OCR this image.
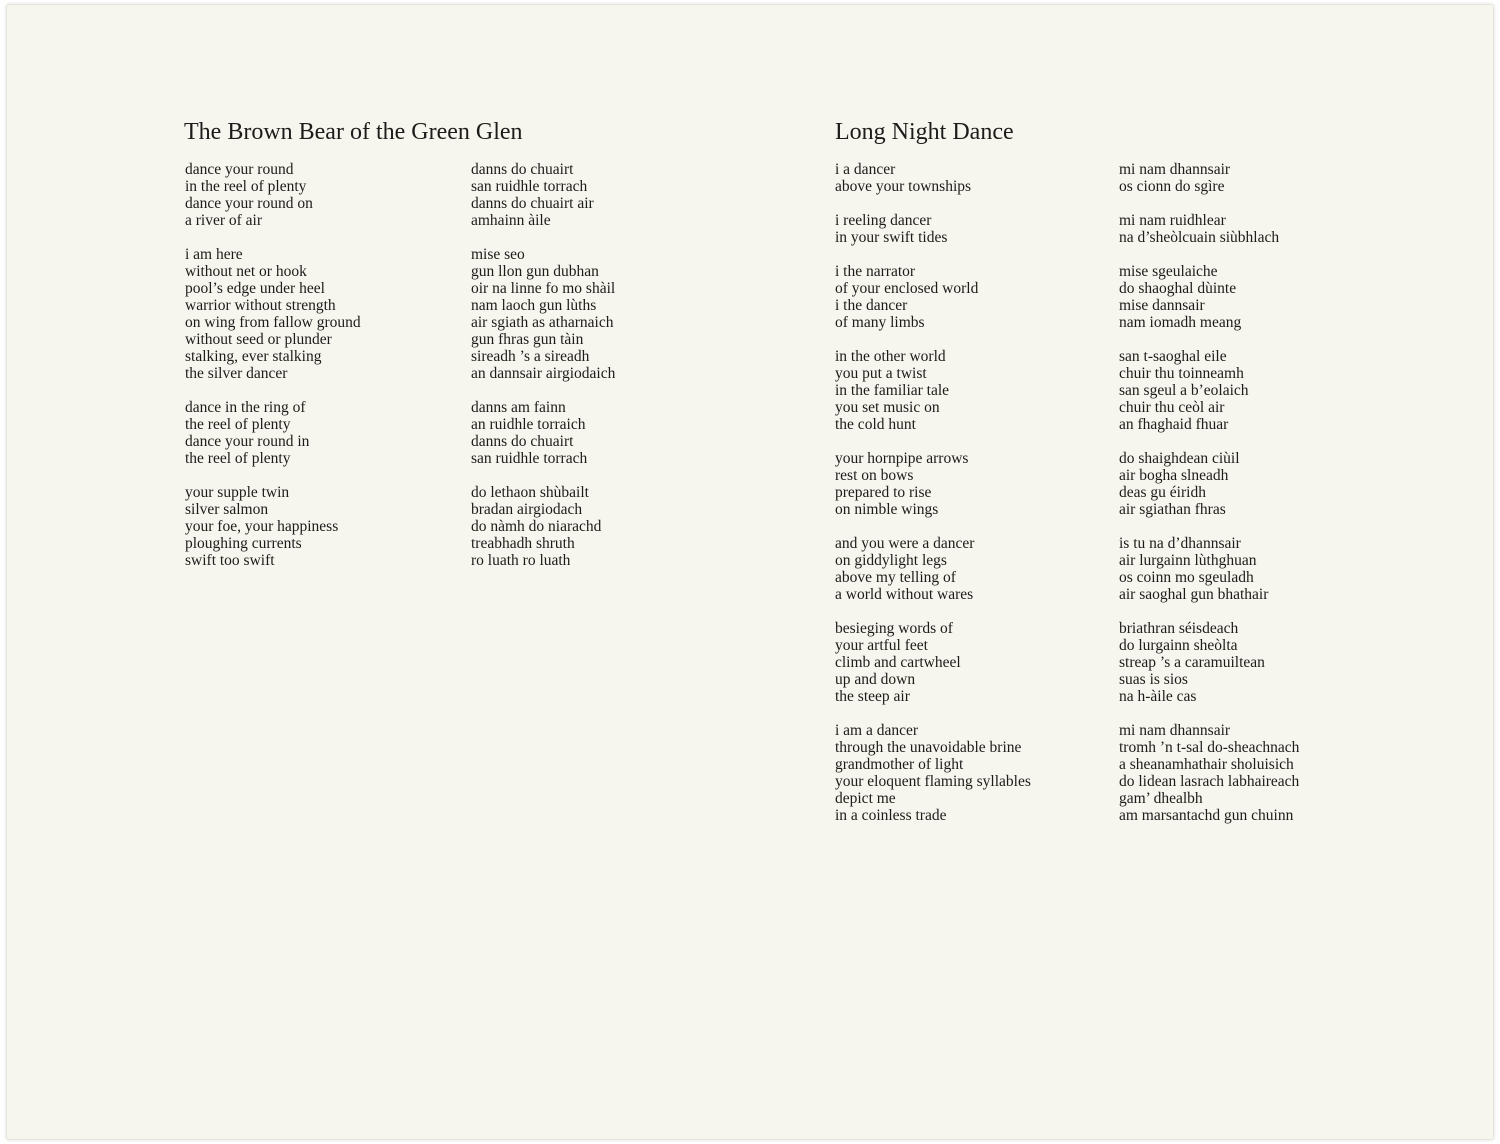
The Brown Bear of the Green Glen
dance your round
in the reel of plenty
dance your round on
a river of air
i am here
without net or hook
pool’s edge under heel
warrior without strength
on wing from fallow ground
without seed or plunder
stalking, ever stalking
the silver dancer
dance in the ring of
the reel of plenty
dance your round in
the reel of plenty
your supple twin
silver salmon
your foe, your happiness
ploughing currents
swift too swift
danns do chuairt
san ruidhle torrach
danns do chuairt air
amhainn àile
mise seo
gun llon gun dubhan
oir na linne fo mo shàil
nam laoch gun lùths
air sgiath as atharnaich
gun fhras gun tàin
sireadh ’s a sireadh
an dannsair airgiodaich
danns am fainn
an ruidhle torraich
danns do chuairt
san ruidhle torrach
do lethaon shùbailt
bradan airgiodach
do nàmh do niarachd
treabhadh shruth
ro luath ro luath
Long Night Dance
i a dancer
above your townships
i reeling dancer
in your swift tides
i the narrator
of your enclosed world
i the dancer
of many limbs
in the other world
you put a twist
in the familiar tale
you set music on
the cold hunt
your hornpipe arrows
rest on bows
prepared to rise
on nimble wings
and you were a dancer
on giddylight legs
above my telling of
a world without wares
besieging words of
your artful feet
climb and cartwheel
up and down
the steep air
i am a dancer
through the unavoidable brine
grandmother of light
your eloquent flaming syllables
depict me
in a coinless trade
mi nam dhannsair
os cionn do sgìre
mi nam ruidhlear
na d’sheòlcuain siùbhlach
mise sgeulaiche
do shaoghal dùinte
mise dannsair
nam iomadh meang
san t-saoghal eile
chuir thu toinneamh
san sgeul a b’eolaich
chuir thu ceòl air
an fhaghaid fhuar
do shaighdean ciùil
air bogha slneadh
deas gu éiridh
air sgiathan fhras
is tu na d’dhannsair
air lurgainn lùthghuan
os coinn mo sgeuladh
air saoghal gun bhathair
briathran séisdeach
do lurgainn sheòlta
streap ’s a caramuiltean
suas is sios
na h-àile cas
mi nam dhannsair
tromh ’n t-sal do-sheachnach
a sheanamhathair sholuisich
do lidean lasrach labhaireach
gam’ dhealbh
am marsantachd gun chuinn
